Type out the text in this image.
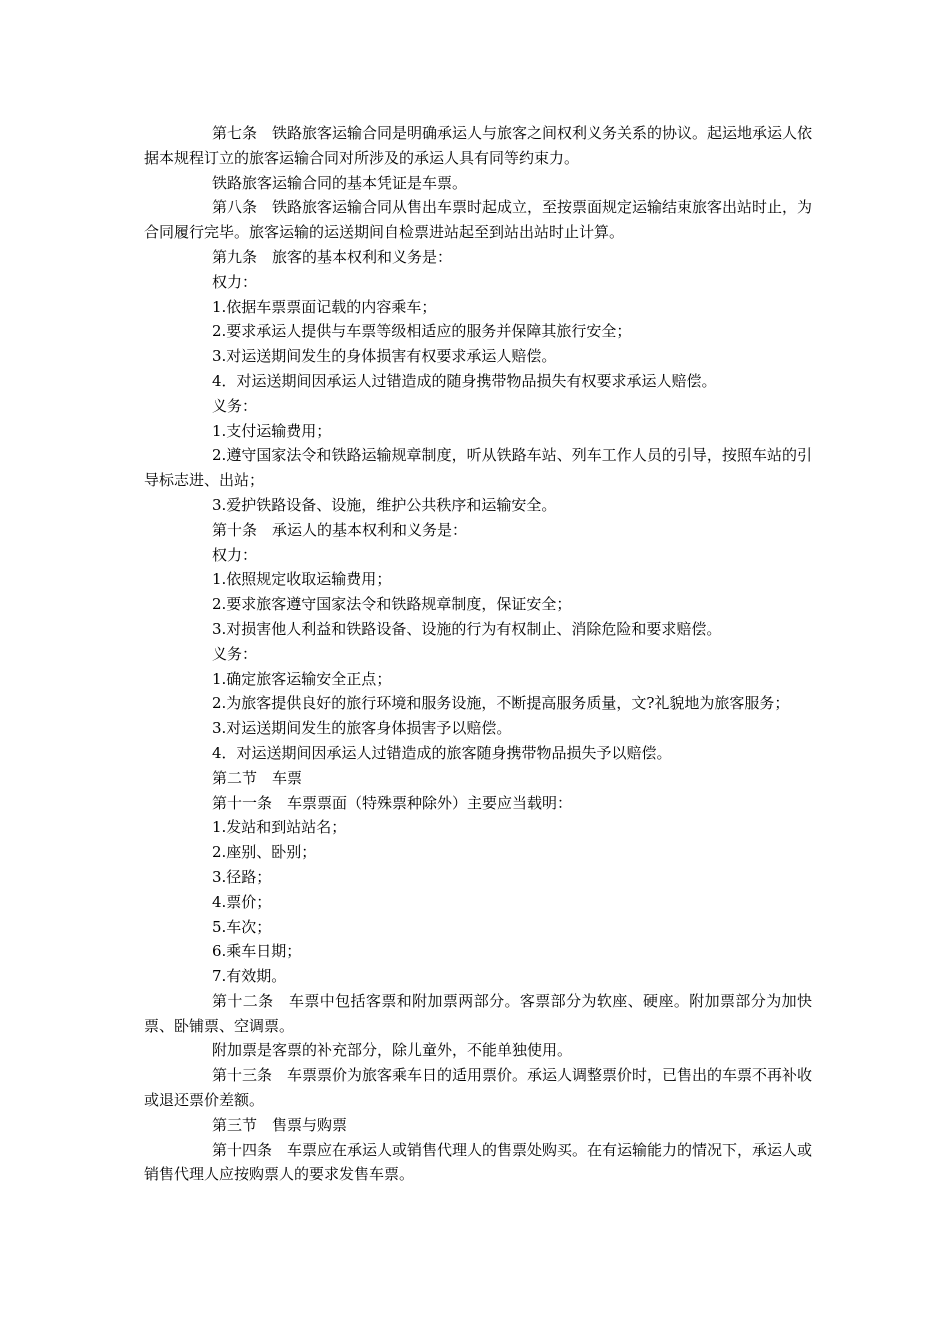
第七条　铁路旅客运输合同是明确承运人与旅客之间权利义务关系的协议。起运地承运人依据本规程订立的旅客运输合同对所涉及的承运人具有同等约束力。

铁路旅客运输合同的基本凭证是车票。

第八条　铁路旅客运输合同从售出车票时起成立，至按票面规定运输结束旅客出站时止，为合同履行完毕。旅客运输的运送期间自检票进站起至到站出站时止计算。

第九条　旅客的基本权利和义务是：

权力：

1.依据车票票面记载的内容乘车；

2.要求承运人提供与车票等级相适应的服务并保障其旅行安全；

3.对运送期间发生的身体损害有权要求承运人赔偿。

4．对运送期间因承运人过错造成的随身携带物品损失有权要求承运人赔偿。

义务：

1.支付运输费用；

2.遵守国家法令和铁路运输规章制度，听从铁路车站、列车工作人员的引导，按照车站的引导标志进、出站；

3.爱护铁路设备、设施，维护公共秩序和运输安全。

第十条　承运人的基本权利和义务是：

权力：

1.依照规定收取运输费用；

2.要求旅客遵守国家法令和铁路规章制度，保证安全；

3.对损害他人利益和铁路设备、设施的行为有权制止、消除危险和要求赔偿。

义务：

1.确定旅客运输安全正点；

2.为旅客提供良好的旅行环境和服务设施，不断提高服务质量，文?礼貌地为旅客服务；

3.对运送期间发生的旅客身体损害予以赔偿。

4．对运送期间因承运人过错造成的旅客随身携带物品损失予以赔偿。

第二节　车票

第十一条　车票票面（特殊票种除外）主要应当载明：

1.发站和到站站名；

2.座别、卧别；

3.径路；

4.票价；

5.车次；

6.乘车日期；

7.有效期。

第十二条　车票中包括客票和附加票两部分。客票部分为软座、硬座。附加票部分为加快票、卧铺票、空调票。

附加票是客票的补充部分，除儿童外，不能单独使用。

第十三条　车票票价为旅客乘车日的适用票价。承运人调整票价时，已售出的车票不再补收或退还票价差额。

第三节　售票与购票

第十四条　车票应在承运人或销售代理人的售票处购买。在有运输能力的情况下，承运人或销售代理人应按购票人的要求发售车票。
